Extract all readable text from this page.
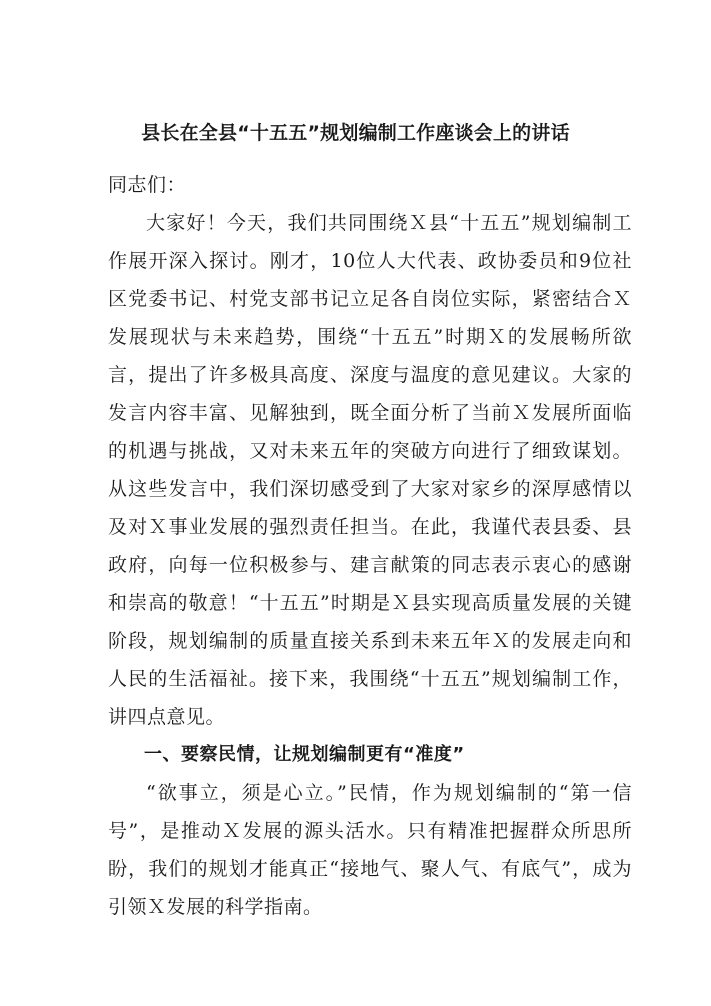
县长在全县“十五五”规划编制工作座谈会上的讲话

同志们：

大家好！今天，我们共同围绕Ｘ县“十五五”规划编制工作展开深入探讨。刚才，10位人大代表、政协委员和9位社区党委书记、村党支部书记立足各自岗位实际，紧密结合Ｘ发展现状与未来趋势，围绕“十五五”时期Ｘ的发展畅所欲言，提出了许多极具高度、深度与温度的意见建议。大家的发言内容丰富、见解独到，既全面分析了当前Ｘ发展所面临的机遇与挑战，又对未来五年的突破方向进行了细致谋划。从这些发言中，我们深切感受到了大家对家乡的深厚感情以及对Ｘ事业发展的强烈责任担当。在此，我谨代表县委、县政府，向每一位积极参与、建言献策的同志表示衷心的感谢和崇高的敬意！“十五五”时期是Ｘ县实现高质量发展的关键阶段，规划编制的质量直接关系到未来五年Ｘ的发展走向和人民的生活福祉。接下来，我围绕“十五五”规划编制工作，讲四点意见。

一、要察民情，让规划编制更有“准度”

“欲事立，须是心立。”民情，作为规划编制的“第一信号”，是推动Ｘ发展的源头活水。只有精准把握群众所思所盼，我们的规划才能真正“接地气、聚人气、有底气”，成为引领Ｘ发展的科学指南。
